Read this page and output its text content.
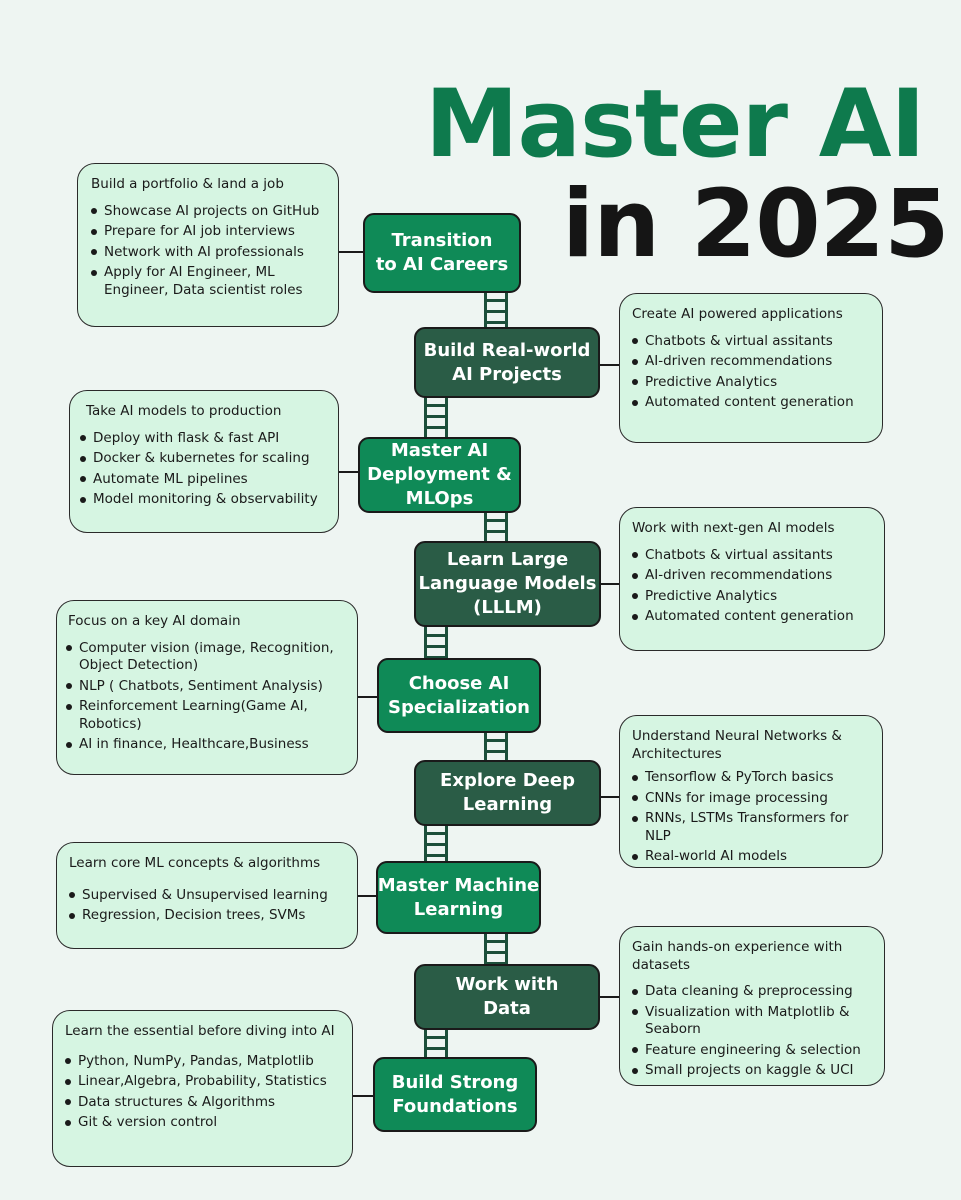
Master AI
in 2025
Transition
to AI Careers
Build Real-world
AI Projects
Master AI
Deployment &
MLOps
Learn Large
Language Models
(LLLM)
Choose AI
Specialization
Explore Deep
Learning
Master Machine
Learning
Work with
Data
Build Strong
Foundations

Build a portfolio & land a job

Showcase AI projects on GitHub
Prepare for AI job interviews
Network with AI professionals
Apply for AI Engineer, ML Engineer, Data scientist roles

Create AI powered applications

Chatbots & virtual assitants
AI-driven recommendations
Predictive Analytics
Automated content generation

Take AI models to production

Deploy with flask & fast API
Docker & kubernetes for scaling
Automate ML pipelines
Model monitoring & observability

Work with next-gen AI models

Chatbots & virtual assitants
AI-driven recommendations
Predictive Analytics
Automated content generation

Focus on a key AI domain

Computer vision (image, Recognition, Object Detection)
NLP ( Chatbots, Sentiment Analysis)
Reinforcement Learning(Game AI, Robotics)
AI in finance, Healthcare,Business

Understand Neural Networks & Architectures

Tensorflow & PyTorch basics
CNNs for image processing
RNNs, LSTMs Transformers for NLP
Real-world AI models

Learn core ML concepts & algorithms

Supervised & Unsupervised learning
Regression, Decision trees, SVMs

Gain hands-on experience with datasets

Data cleaning & preprocessing
Visualization with Matplotlib & Seaborn
Feature engineering & selection
Small projects on kaggle & UCI

Learn the essential before diving into AI

Python, NumPy, Pandas, Matplotlib
Linear,Algebra, Probability, Statistics
Data structures & Algorithms
Git & version control
